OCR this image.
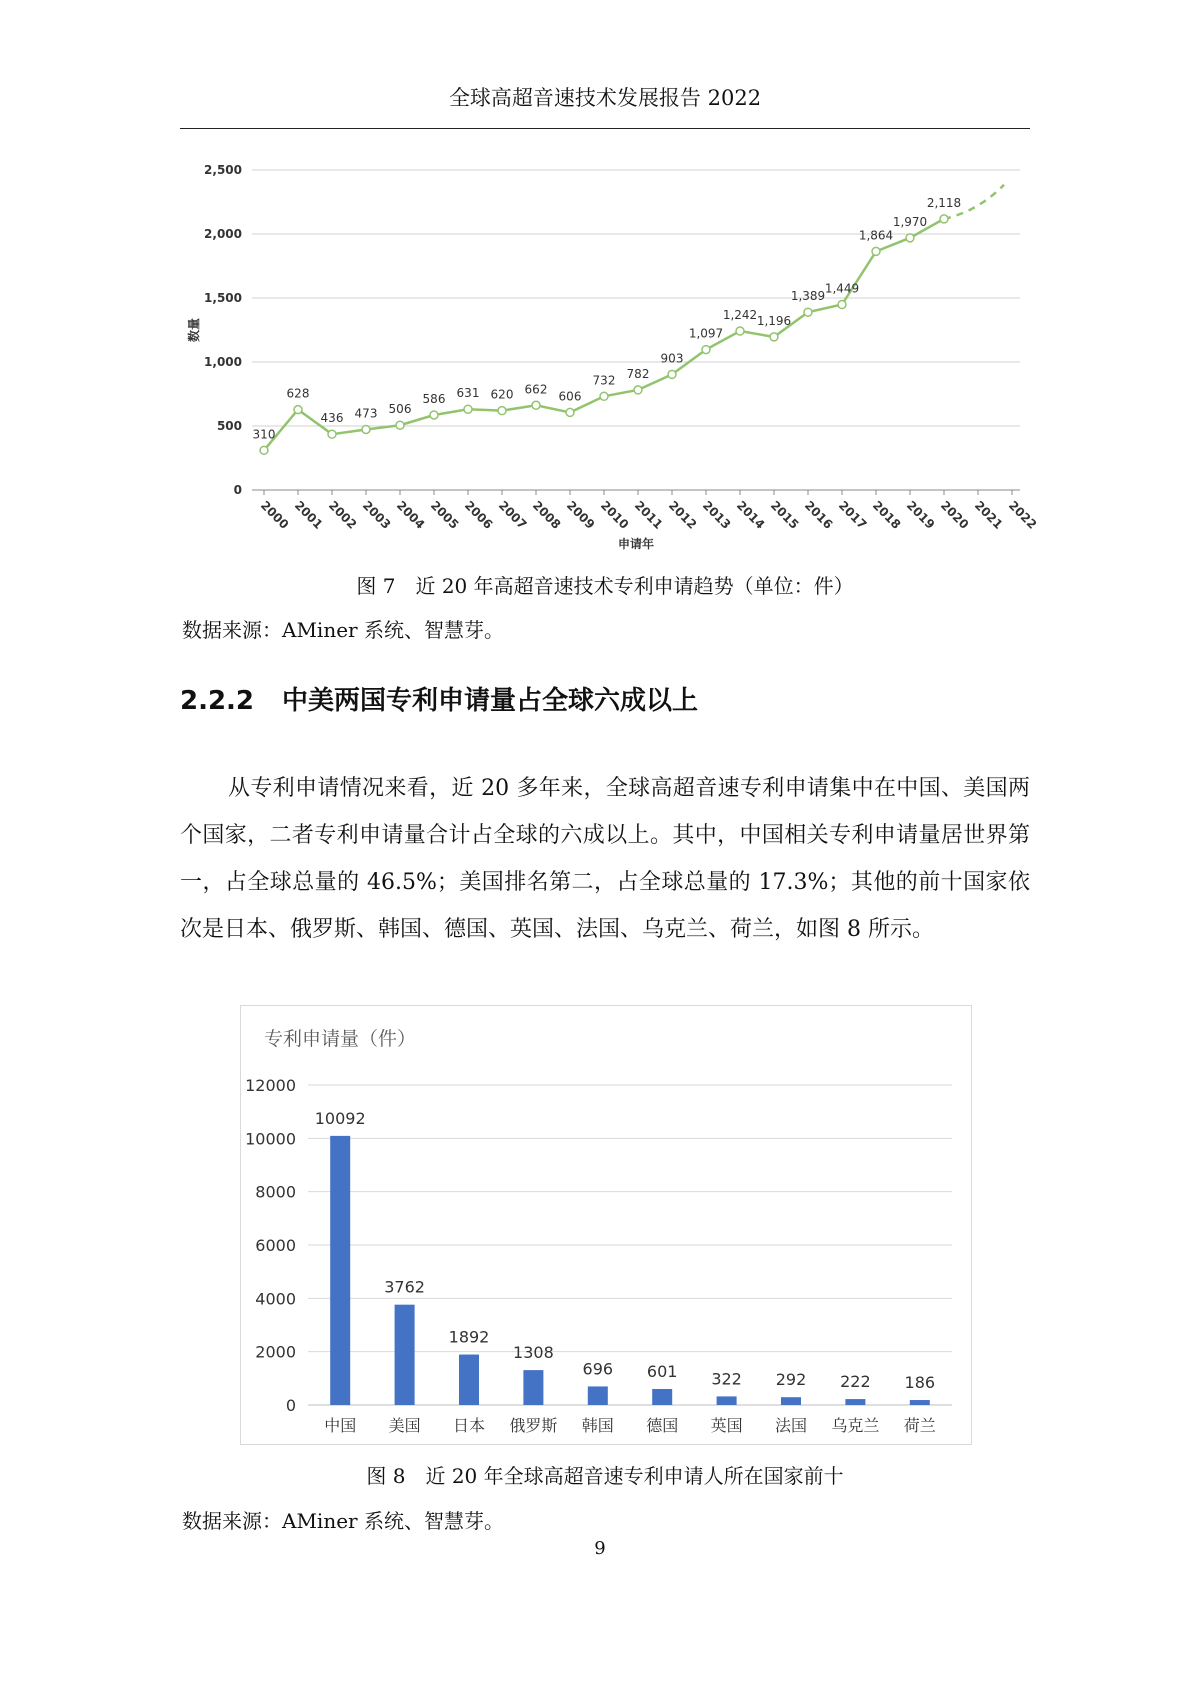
全球高超音速技术发展报告 2022
0
500
1,000
1,500
2,000
2,500
数量
2000 2001 2002 2003 2004 2005 2006 2007 2008 2009 2010 2011 2012 2013 2014 2015 2016 2017 2018 2019 2020 2021 2022
申请年
310
628
436 473 506
586 631 620 662
606
732 782
903
1,097
1,242 1,196
1,389
1,449
1,864
1,970
2,118
图 7　近 20 年高超音速技术专利申请趋势（单位：件）
数据来源：AMiner 系统、智慧芽。
2.2.2 中美两国专利申请量占全球六成以上

从专利申请情况来看，近 20 多年来，全球高超音速专利申请集中在中国、美国两个国家，二者专利申请量合计占全球的六成以上。其中，中国相关专利申请量居世界第一，占全球总量的 46.5%；美国排名第二，占全球总量的 17.3%；其他的前十国家依次是日本、俄罗斯、韩国、德国、英国、法国、乌克兰、荷兰，如图 8 所示。

专利申请量（件）
0
2000
4000
6000
8000
10000
12000
10092
中国
3762
美国
1892
日本
1308
俄罗斯
696
韩国
601
德国
322
英国
292
法国
222
乌克兰
186
荷兰
图 8　近 20 年全球高超音速专利申请人所在国家前十
数据来源：AMiner 系统、智慧芽。
9
